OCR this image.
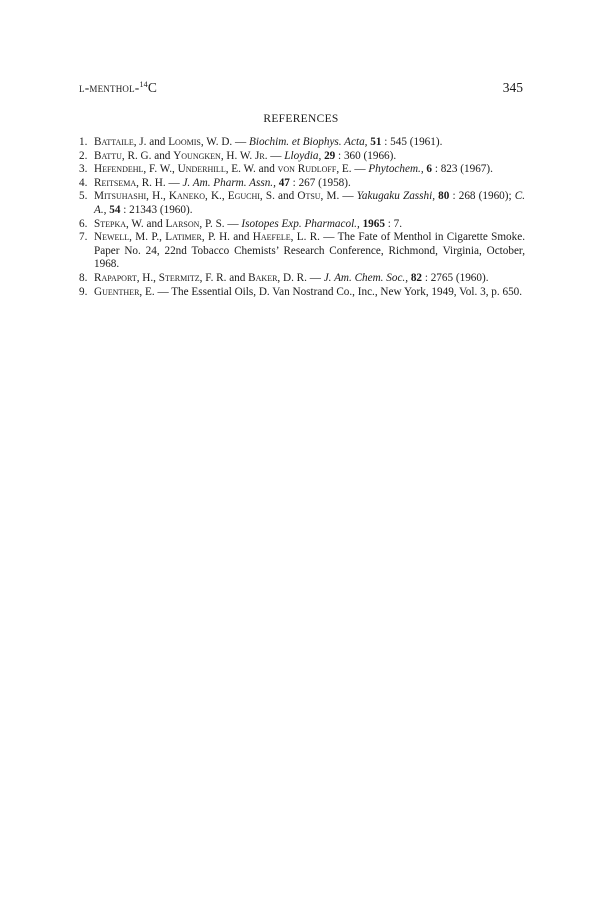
l-menthol-$^{14}$C	345
REFERENCES
1. Battaile, J. and Loomis, W. D. — Biochim. et Biophys. Acta, 51 : 545 (1961).
2. Battu, R. G. and Youngken, H. W. Jr. — Lloydia, 29 : 360 (1966).
3. Hefendehl, F. W., Underhill, E. W. and von Rudloff, E. — Phytochem., 6 : 823 (1967).
4. Reitsema, R. H. — J. Am. Pharm. Assn., 47 : 267 (1958).
5. Mitsuhashi, H., Kaneko, K., Eguchi, S. and Otsu, M. — Yakugaku Zasshi, 80 : 268 (1960); C. A., 54 : 21343 (1960).
6. Stepka, W. and Larson, P. S. — Isotopes Exp. Pharmacol., 1965 : 7.
7. Newell, M. P., Latimer, P. H. and Haefele, L. R. — The Fate of Menthol in Cigarette Smoke. Paper No. 24, 22nd Tobacco Chemists’ Research Conference, Richmond, Virginia, October, 1968.
8. Rapaport, H., Stermitz, F. R. and Baker, D. R. — J. Am. Chem. Soc., 82 : 2765 (1960).
9. Guenther, E. — The Essential Oils, D. Van Nostrand Co., Inc., New York, 1949, Vol. 3, p. 650.
